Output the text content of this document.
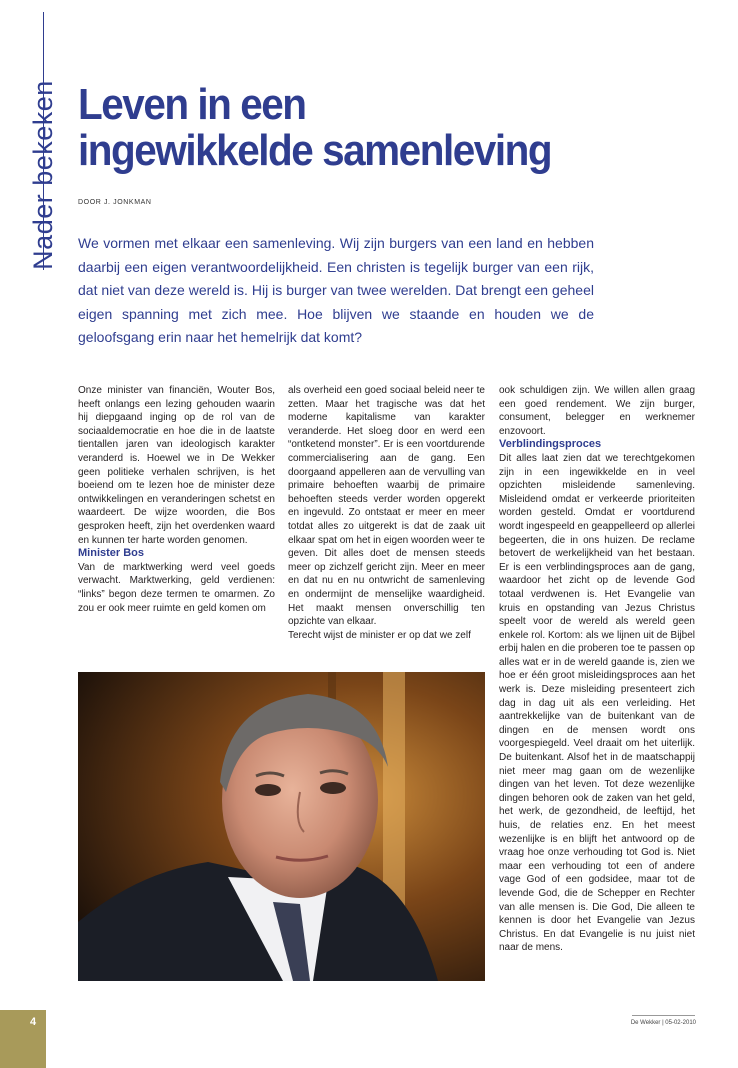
Nader bekeken Leven in een
ingewikkelde samenleving
DOOR J. JONKMAN

We vormen met elkaar een samenleving. Wij zijn burgers van een land en hebben daarbij een eigen verantwoordelijkheid. Een christen is tegelijk burger van een rijk, dat niet van deze wereld is. Hij is burger van twee werelden. Dat brengt een geheel eigen spanning met zich mee. Hoe blijven we staande en houden we de geloofsgang erin naar het hemelrijk dat komt?

Onze minister van financiën, Wouter Bos, heeft onlangs een lezing gehouden waarin hij diepgaand inging op de rol van de sociaaldemocratie en hoe die in de laatste tientallen jaren van ideologisch karakter veranderd is. Hoewel we in De Wekker geen politieke verhalen schrijven, is het boeiend om te lezen hoe de minister deze ontwikkelingen en veranderingen schetst en waardeert. De wijze woorden, die Bos gesproken heeft, zijn het overdenken waard en kunnen ter harte worden genomen.

Minister Bos

Van de marktwerking werd veel goeds verwacht. Marktwerking, geld verdienen: “links” begon deze termen te omarmen. Zo zou er ook meer ruimte en geld komen om

als overheid een goed sociaal beleid neer te zetten. Maar het tragische was dat het moderne kapitalisme van karakter veranderde. Het sloeg door en werd een “ontketend monster”. Er is een voortdurende commercialisering aan de gang. Een doorgaand appelleren aan de vervulling van primaire behoeften waarbij de primaire behoeften steeds verder worden opgerekt en ingevuld. Zo ontstaat er meer en meer totdat alles zo uitgerekt is dat de zaak uit elkaar spat om het in eigen woorden weer te geven. Dit alles doet de mensen steeds meer op zichzelf gericht zijn. Meer en meer en dat nu en nu ontwricht de samenleving en ondermijnt de menselijke waardigheid. Het maakt mensen onverschillig ten opzichte van elkaar.

Terecht wijst de minister er op dat we zelf

ook schuldigen zijn. We willen allen graag een goed rendement. We zijn burger, consument, belegger en werknemer enzovoort.

Verblindingsproces

Dit alles laat zien dat we terechtgekomen zijn in een ingewikkelde en in veel opzichten misleidende samenleving. Misleidend omdat er verkeerde prioriteiten worden gesteld. Omdat er voortdurend wordt ingespeeld en geappelleerd op allerlei begeerten, die in ons huizen. De reclame betovert de werkelijkheid van het bestaan. Er is een verblindingsproces aan de gang, waardoor het zicht op de levende God totaal verdwenen is. Het Evangelie van kruis en opstanding van Jezus Christus speelt voor de wereld als wereld geen enkele rol. Kortom: als we lijnen uit de Bijbel erbij halen en die proberen toe te passen op alles wat er in de wereld gaande is, zien we hoe er één groot misleidingsproces aan het werk is. Deze misleiding presenteert zich dag in dag uit als een verleiding. Het aantrekkelijke van de buitenkant van de dingen en de mensen wordt ons voorgespiegeld. Veel draait om het uiterlijk. De buitenkant. Alsof het in de maatschappij niet meer mag gaan om de wezenlijke dingen van het leven. Tot deze wezenlijke dingen behoren ook de zaken van het geld, het werk, de gezondheid, de leeftijd, het huis, de relaties enz. En het meest wezenlijke is en blijft het antwoord op de vraag hoe onze verhouding tot God is. Niet maar een verhouding tot een of andere vage God of een godsidee, maar tot de levende God, die de Schepper en Rechter van alle mensen is. Die God, Die alleen te kennen is door het Evangelie van Jezus Christus. En dat Evangelie is nu juist niet naar de mens.

4	De Wekker | 05-02-2010
